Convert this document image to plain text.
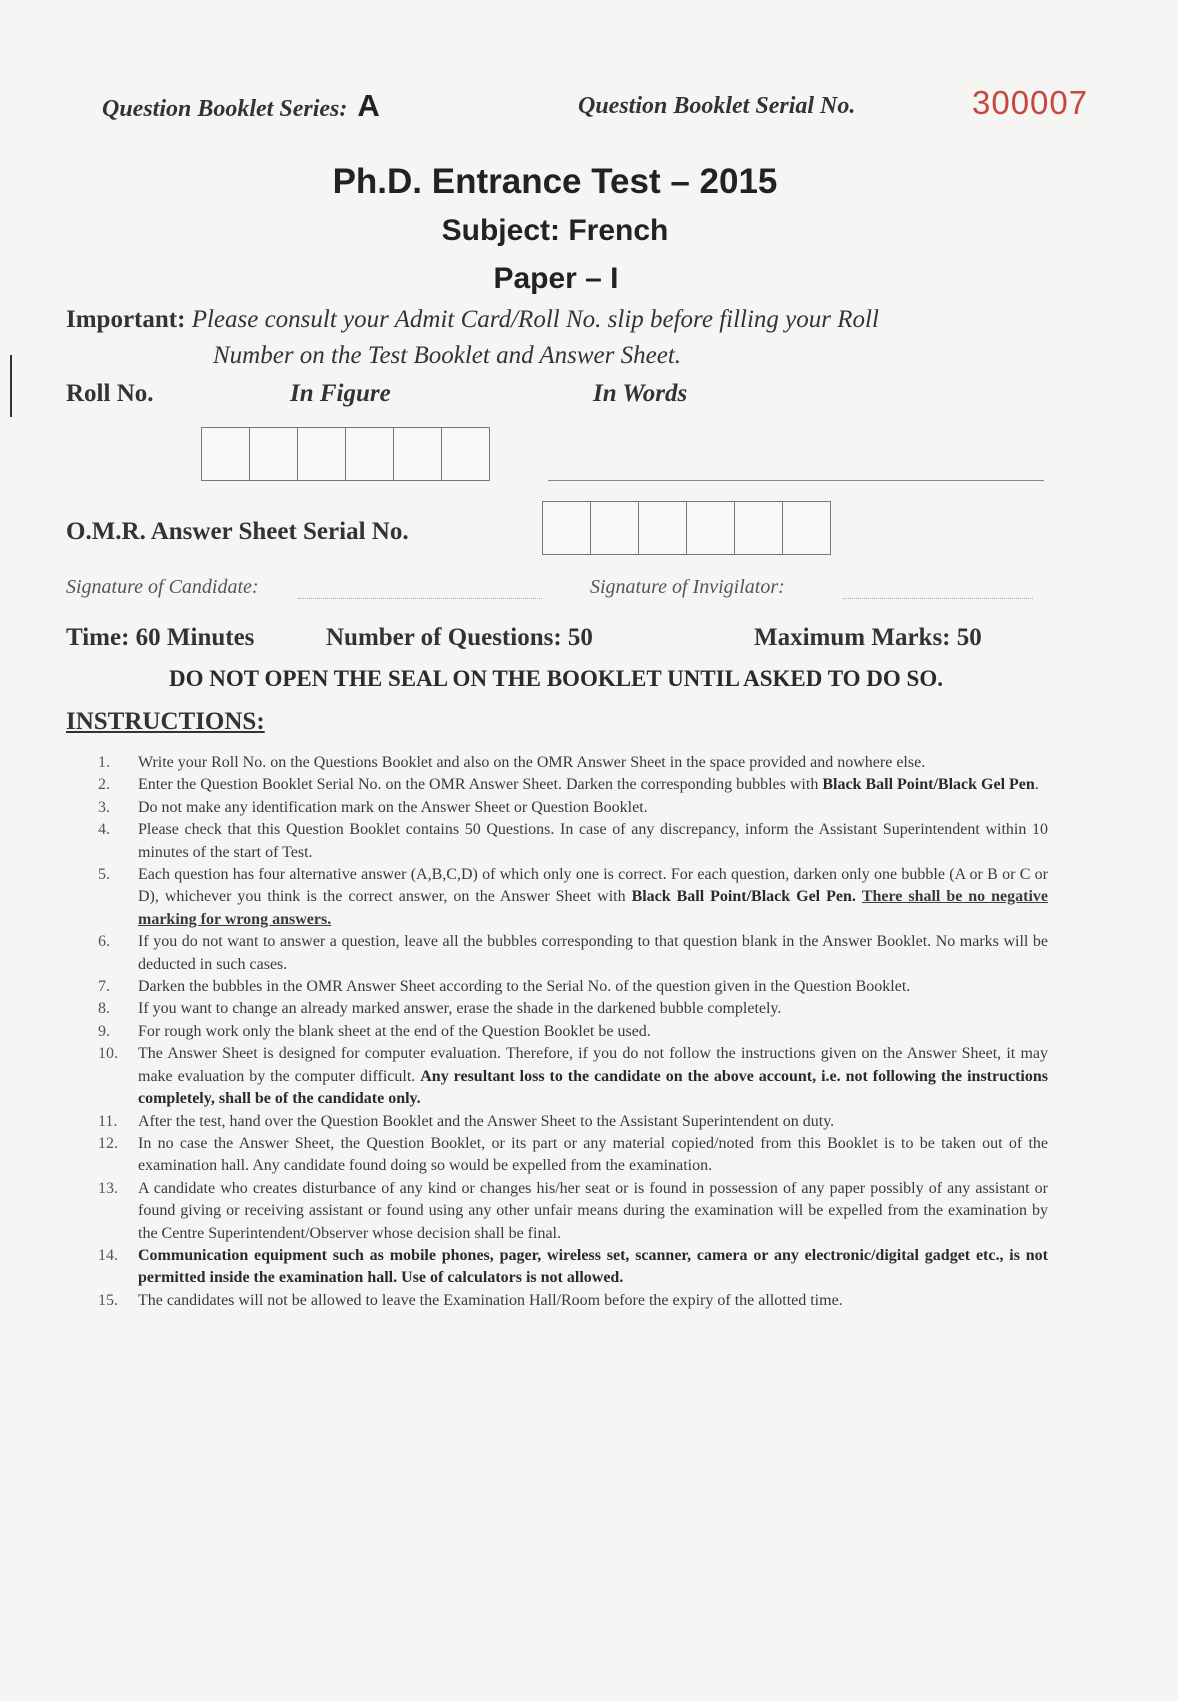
Question Booklet Series: A	Question Booklet Serial No.	300007
Ph.D. Entrance Test – 2015
Subject: French
Paper – I
Important: Please consult your Admit Card/Roll No. slip before filling your Roll
Number on the Test Booklet and Answer Sheet.
Roll No.	In Figure	In Words
O.M.R. Answer Sheet Serial No.
Signature of Candidate:	Signature of Invigilator:
Time: 60 Minutes	Number of Questions: 50	Maximum Marks: 50
DO NOT OPEN THE SEAL ON THE BOOKLET UNTIL ASKED TO DO SO.
INSTRUCTIONS:
1.	Write your Roll No. on the Questions Booklet and also on the OMR Answer Sheet in the space provided and nowhere else.
2.	Enter the Question Booklet Serial No. on the OMR Answer Sheet. Darken the corresponding bubbles with Black Ball Point/Black Gel Pen.
3.	Do not make any identification mark on the Answer Sheet or Question Booklet.
4.	Please check that this Question Booklet contains 50 Questions. In case of any discrepancy, inform the Assistant Superintendent within 10 minutes of the start of Test.
5.	Each question has four alternative answer (A,B,C,D) of which only one is correct. For each question, darken only one bubble (A or B or C or D), whichever you think is the correct answer, on the Answer Sheet with Black Ball Point/Black Gel Pen. There shall be no negative marking for wrong answers.
6.	If you do not want to answer a question, leave all the bubbles corresponding to that question blank in the Answer Booklet. No marks will be deducted in such cases.
7.	Darken the bubbles in the OMR Answer Sheet according to the Serial No. of the question given in the Question Booklet.
8.	If you want to change an already marked answer, erase the shade in the darkened bubble completely.
9.	For rough work only the blank sheet at the end of the Question Booklet be used.
10.	The Answer Sheet is designed for computer evaluation. Therefore, if you do not follow the instructions given on the Answer Sheet, it may make evaluation by the computer difficult. Any resultant loss to the candidate on the above account, i.e. not following the instructions completely, shall be of the candidate only.
11.	After the test, hand over the Question Booklet and the Answer Sheet to the Assistant Superintendent on duty.
12.	In no case the Answer Sheet, the Question Booklet, or its part or any material copied/noted from this Booklet is to be taken out of the examination hall. Any candidate found doing so would be expelled from the examination.
13.	A candidate who creates disturbance of any kind or changes his/her seat or is found in possession of any paper possibly of any assistant or found giving or receiving assistant or found using any other unfair means during the examination will be expelled from the examination by the Centre Superintendent/Observer whose decision shall be final.
14.	Communication equipment such as mobile phones, pager, wireless set, scanner, camera or any electronic/digital gadget etc., is not permitted inside the examination hall. Use of calculators is not allowed.
15.	The candidates will not be allowed to leave the Examination Hall/Room before the expiry of the allotted time.
